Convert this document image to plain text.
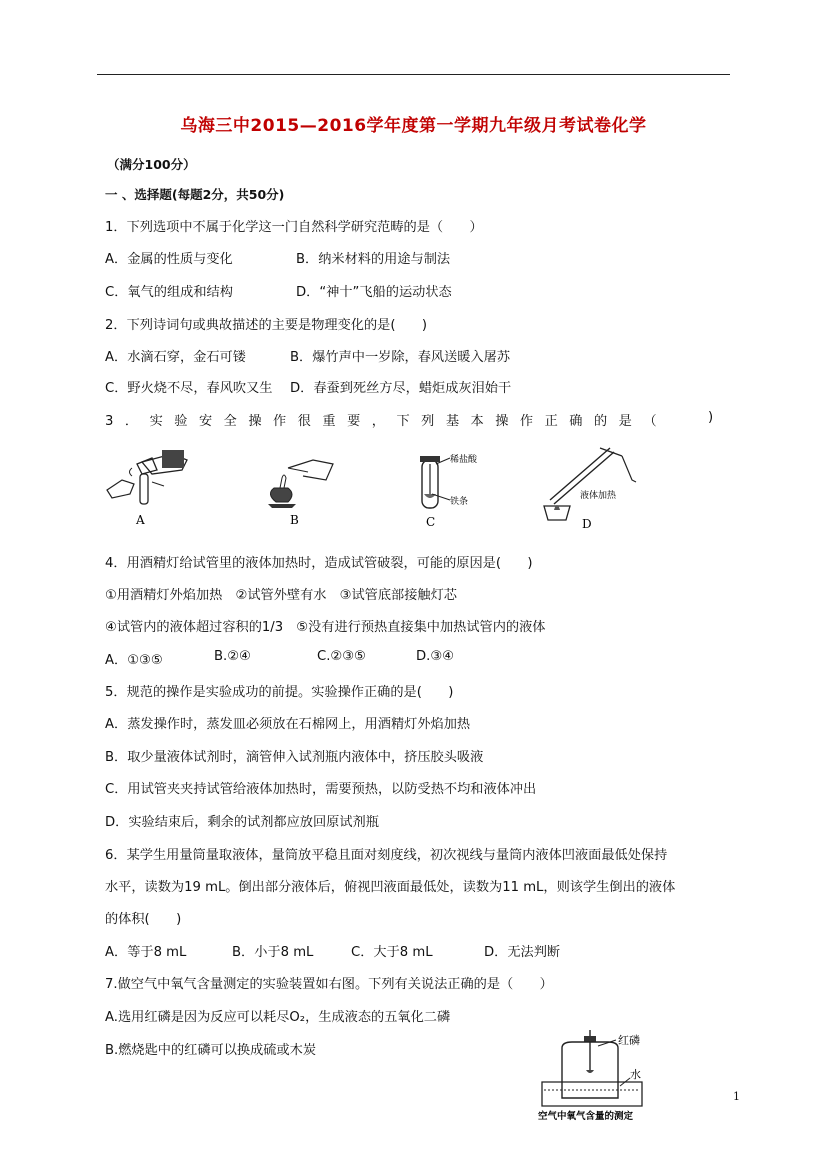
乌海三中2015—2016学年度第一学期九年级月考试卷化学
（满分100分）
一 、选择题(每题2分，共50分)
1．下列选项中不属于化学这一门自然科学研究范畴的是（　　）
A．金属的性质与变化	B．纳米材料的用途与制法
C．氧气的组成和结构	D．“神十”飞船的运动状态
2．下列诗词句或典故描述的主要是物理变化的是(　　)
A．水滴石穿，金石可镂	B．爆竹声中一岁除，春风送暖入屠苏
C．野火烧不尽，春风吹又生 D．春蚕到死丝方尽，蜡炬成灰泪始干
3．实验安全操作很重要，下列基本操作正确的是（	)
A	B
稀盐酸
铁条
C
液体加热
D
4．用酒精灯给试管里的液体加热时，造成试管破裂，可能的原因是(　　)
①用酒精灯外焰加热　②试管外壁有水　③试管底部接触灯芯
④试管内的液体超过容积的1/3　⑤没有进行预热直接集中加热试管内的液体
A．①③⑤	B.②④	C.②③⑤	D.③④
5．规范的操作是实验成功的前提。实验操作正确的是(　　)
A．蒸发操作时，蒸发皿必须放在石棉网上，用酒精灯外焰加热
B．取少量液体试剂时，滴管伸入试剂瓶内液体中，挤压胶头吸液
C．用试管夹夹持试管给液体加热时，需要预热，以防受热不均和液体冲出
D．实验结束后，剩余的试剂都应放回原试剂瓶
6．某学生用量筒量取液体，量筒放平稳且面对刻度线，初次视线与量筒内液体凹液面最低处保持
水平，读数为19 mL。倒出部分液体后，俯视凹液面最低处，读数为11 mL，则该学生倒出的液体
的体积(　　)
A．等于8 mL	B．小于8 mL	C．大于8 mL	D．无法判断
7.做空气中氧气含量测定的实验装置如右图。下列有关说法正确的是（　　）
A.选用红磷是因为反应可以耗尽O₂，生成液态的五氧化二磷
B.燃烧匙中的红磷可以换成硫或木炭
红磷
水
空气中氧气含量的测定
1
